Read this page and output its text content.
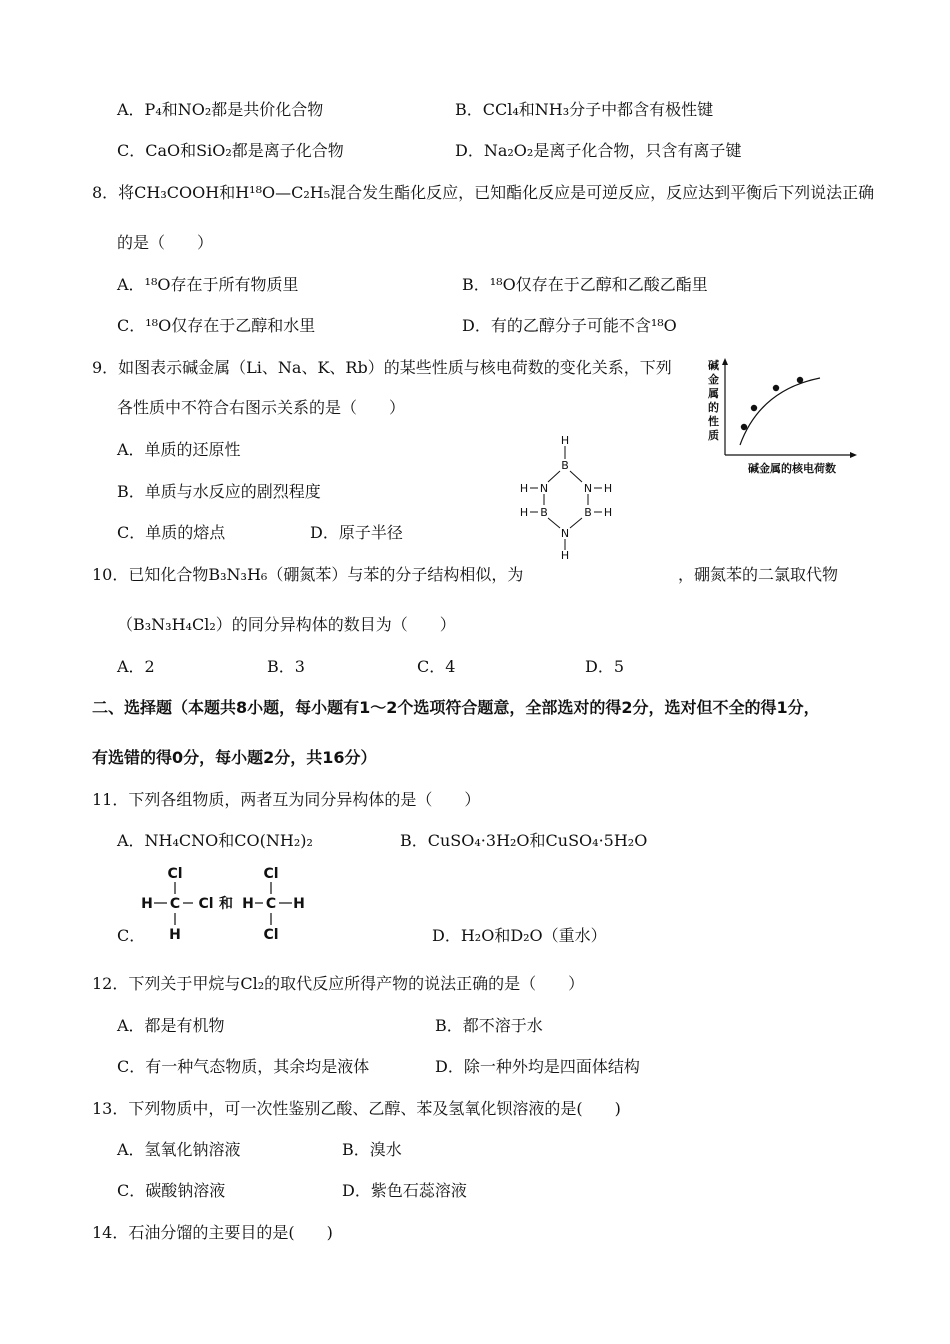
A．P₄和NO₂都是共价化合物	B．CCl₄和NH₃分子中都含有极性键
C．CaO和SiO₂都是离子化合物	D．Na₂O₂是离子化合物，只含有离子键
8．将CH₃COOH和H¹⁸O—C₂H₅混合发生酯化反应，已知酯化反应是可逆反应，反应达到平衡后下列说法正确
的是（　　）
A．¹⁸O存在于所有物质里	B．¹⁸O仅存在于乙醇和乙酸乙酯里
C．¹⁸O仅存在于乙醇和水里	D．有的乙醇分子可能不含¹⁸O
9．如图表示碱金属（Li、Na、K、Rb）的某些性质与核电荷数的变化关系，下列
各性质中不符合右图示关系的是（　　）
A．单质的还原性
B．单质与水反应的剧烈程度
C．单质的熔点	D．原子半径
碱
金
属
的
性
质
碱金属的核电荷数
H
B
H N	N H
H B	B H
N
H
10．已知化合物B₃N₃H₆（硼氮苯）与苯的分子结构相似，为	，硼氮苯的二氯取代物
（B₃N₃H₄Cl₂）的同分异构体的数目为（　　）
A．2	B．3	C．4	D．5
二、选择题（本题共8小题，每小题有1～2个选项符合题意，全部选对的得2分，选对但不全的得1分，
有选错的得0分，每小题2分，共16分）
11．下列各组物质，两者互为同分异构体的是（　　）
A．NH₄CNO和CO(NH₂)₂	B．CuSO₄·3H₂O和CuSO₄·5H₂O
Cl
H C Cl
H
和
Cl
H C H
Cl
C．	D．H₂O和D₂O（重水）
12．下列关于甲烷与Cl₂的取代反应所得产物的说法正确的是（　　）
A．都是有机物	B．都不溶于水
C．有一种气态物质，其余均是液体	D．除一种外均是四面体结构
13．下列物质中，可一次性鉴别乙酸、乙醇、苯及氢氧化钡溶液的是(　　)
A．氢氧化钠溶液	B．溴水
C．碳酸钠溶液	D．紫色石蕊溶液
14．石油分馏的主要目的是(　　)
